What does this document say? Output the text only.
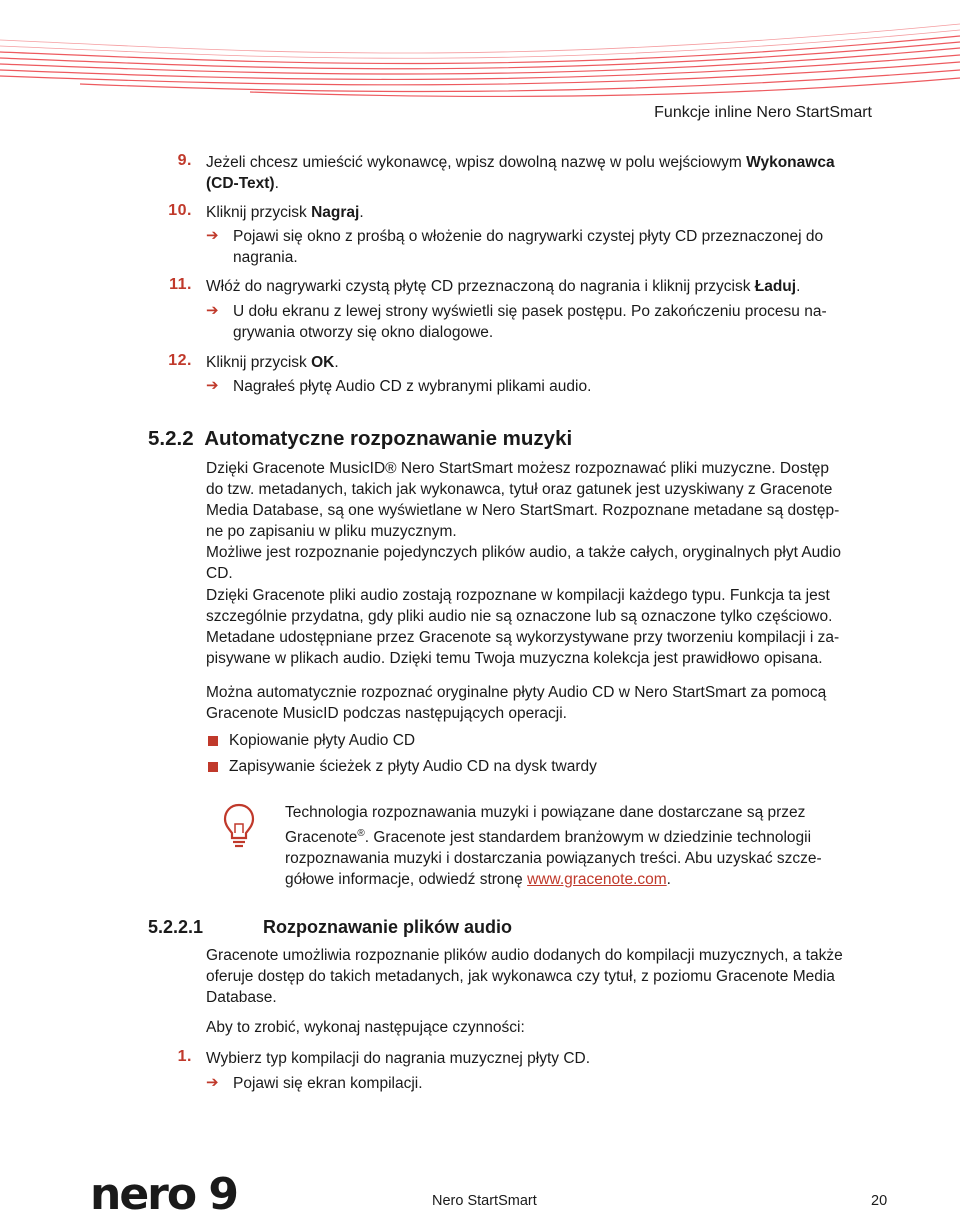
Funkcje inline Nero StartSmart
9. Jeżeli chcesz umieścić wykonawcę, wpisz dowolną nazwę w polu wejściowym Wykonawca
(CD-Text).
10. Kliknij przycisk Nagraj.
➔ Pojawi się okno z prośbą o włożenie do nagrywarki czystej płyty CD przeznaczonej do
nagrania.
11. Włóż do nagrywarki czystą płytę CD przeznaczoną do nagrania i kliknij przycisk Ładuj.
➔ U dołu ekranu z lewej strony wyświetli się pasek postępu. Po zakończeniu procesu na-
grywania otworzy się okno dialogowe.
12. Kliknij przycisk OK.
➔ Nagrałeś płytę Audio CD z wybranymi plikami audio.
5.2.2 Automatyczne rozpoznawanie muzyki
Dzięki Gracenote MusicID® Nero StartSmart możesz rozpoznawać pliki muzyczne. Dostęp
do tzw. metadanych, takich jak wykonawca, tytuł oraz gatunek jest uzyskiwany z Gracenote
Media Database, są one wyświetlane w Nero StartSmart. Rozpoznane metadane są dostęp-
ne po zapisaniu w pliku muzycznym.
Możliwe jest rozpoznanie pojedynczych plików audio, a także całych, oryginalnych płyt Audio
CD.
Dzięki Gracenote pliki audio zostają rozpoznane w kompilacji każdego typu. Funkcja ta jest
szczególnie przydatna, gdy pliki audio nie są oznaczone lub są oznaczone tylko częściowo.
Metadane udostępniane przez Gracenote są wykorzystywane przy tworzeniu kompilacji i za-
pisywane w plikach audio. Dzięki temu Twoja muzyczna kolekcja jest prawidłowo opisana.
Można automatycznie rozpoznać oryginalne płyty Audio CD w Nero StartSmart za pomocą
Gracenote MusicID podczas następujących operacji.
Kopiowanie płyty Audio CD
Zapisywanie ścieżek z płyty Audio CD na dysk twardy
Technologia rozpoznawania muzyki i powiązane dane dostarczane są przez
Gracenote®. Gracenote jest standardem branżowym w dziedzinie technologii
rozpoznawania muzyki i dostarczania powiązanych treści. Abu uzyskać szcze-
gółowe informacje, odwiedź stronę www.gracenote.com.
5.2.2.1	Rozpoznawanie plików audio
Gracenote umożliwia rozpoznanie plików audio dodanych do kompilacji muzycznych, a także
oferuje dostęp do takich metadanych, jak wykonawca czy tytuł, z poziomu Gracenote Media
Database.
Aby to zrobić, wykonaj następujące czynności:
1. Wybierz typ kompilacji do nagrania muzycznej płyty CD.
➔ Pojawi się ekran kompilacji.
nero 9	Nero StartSmart	20
